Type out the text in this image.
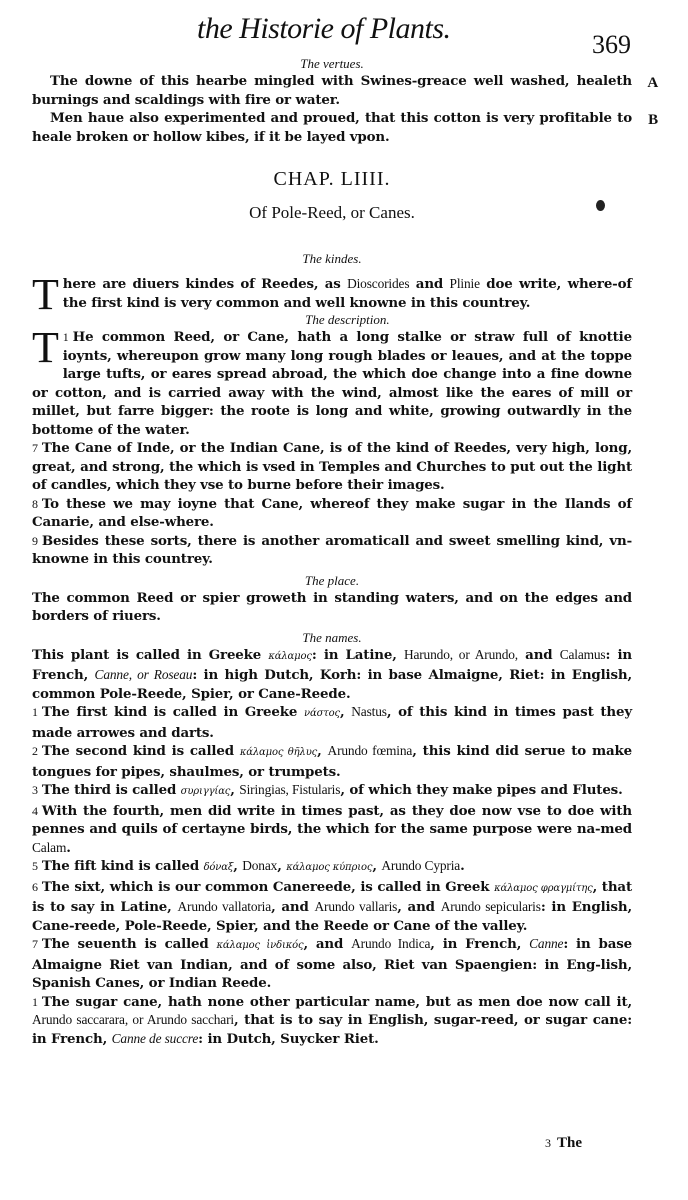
the Historie of Plants.	369

The vertues.

The downe of this hearbe mingled with Swines-greace well washed, healeth burnings and scaldings with fire or water.
A

Men haue also experimented and proued, that this cotton is very profitable to heale broken or hollow kibes, if it be layed vpon.
B

CHAP. LIIII.
Of Pole-Reed, or Canes.

The kindes.

There are diuers kindes of Reedes, as Dioscorides and Plinie doe write, where-of the first kind is very common and well knowne in this countrey.

The description.

1
T He common Reed, or Cane, hath a long stalke or straw full of knottie ioynts, whereupon grow many long rough blades or leaues, and at the toppe large tufts, or eares spread abroad, the which doe change into a fine downe or cotton, and is carried away with the wind, almost like the eares of mill or millet, but farre bigger: the roote is long and white, growing outwardly in the bottome of the water.

7 The Cane of Inde, or the Indian Cane, is of the kind of Reedes, very high, long, great, and strong, the which is vsed in Temples and Churches to put out the light of candles, which they vse to burne before their images.

8 To these we may ioyne that Cane, whereof they make sugar in the Ilands of Canarie, and else-where.

9 Besides these sorts, there is another aromaticall and sweet smelling kind, vn-knowne in this countrey.

The place.

The common Reed or spier groweth in standing waters, and on the edges and borders of riuers.

The names.

This plant is called in Greeke κάλαμος: in Latine, Harundo, or Arundo, and Calamus: in French, Canne, or Roseau: in high Dutch, Korh: in base Almaigne, Riet: in English, common Pole-Reede, Spier, or Cane-Reede.

1 The first kind is called in Greeke νάστος, Nastus, of this kind in times past they made arrowes and darts.

2 The second kind is called κάλαμος θῆλυς, Arundo fœmina, this kind did serue to make tongues for pipes, shaulmes, or trumpets.

3 The third is called συριγγίας, Siringias, Fistularis, of which they make pipes and Flutes.

4 With the fourth, men did write in times past, as they doe now vse to doe with pennes and quils of certayne birds, the which for the same purpose were na-med Calam.

5 The fift kind is called δόναξ, Donax, κάλαμος κύπριος, Arundo Cypria.

6 The sixt, which is our common Canereede, is called in Greek κάλαμος φραγμίτης, that is to say in Latine, Arundo vallatoria, and Arundo vallaris, and Arundo sepicularis: in English, Cane-reede, Pole-Reede, Spier, and the Reede or Cane of the valley.

7 The seuenth is called κάλαμος ἰνδικός, and Arundo Indica, in French, Canne: in base Almaigne Riet van Indian, and of some also, Riet van Spaengien: in Eng-lish, Spanish Canes, or Indian Reede.

1 The sugar cane, hath none other particular name, but as men doe now call it, Arundo saccarara, or Arundo sacchari, that is to say in English, sugar-reed, or sugar cane: in French, Canne de succre: in Dutch, Suycker Riet.

3 The
